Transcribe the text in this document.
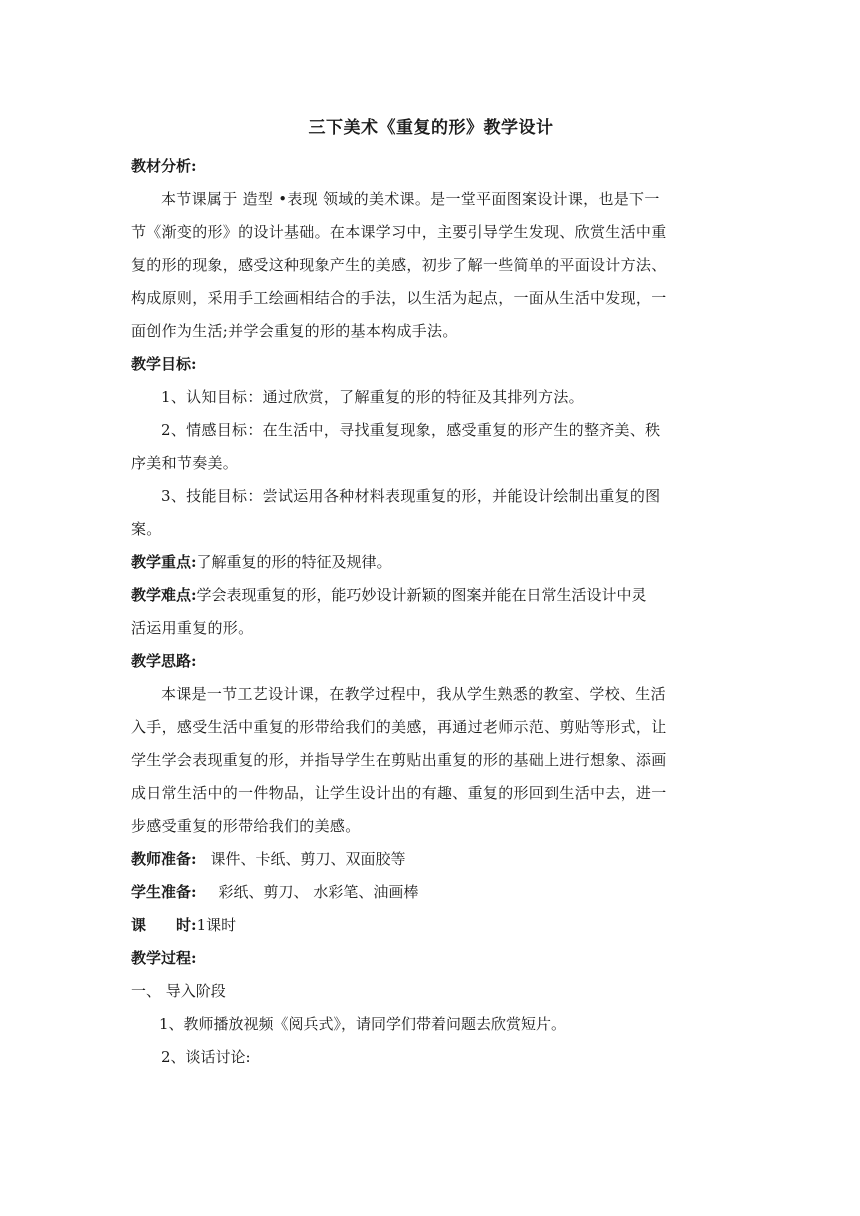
三下美术《重复的形》教学设计
教材分析:
本节课属于 造型 •表现 领域的美术课。是一堂平面图案设计课，也是下一
节《渐变的形》的设计基础。在本课学习中，主要引导学生发现、欣赏生活中重
复的形的现象，感受这种现象产生的美感，初步了解一些简单的平面设计方法、
构成原则，采用手工绘画相结合的手法，以生活为起点，一面从生活中发现，一
面创作为生活;并学会重复的形的基本构成手法。
教学目标:
1、认知目标：通过欣赏，了解重复的形的特征及其排列方法。
2、情感目标：在生活中，寻找重复现象，感受重复的形产生的整齐美、秩
序美和节奏美。
3、技能目标：尝试运用各种材料表现重复的形，并能设计绘制出重复的图
案。
教学重点:了解重复的形的特征及规律。
教学难点:学会表现重复的形，能巧妙设计新颖的图案并能在日常生活设计中灵
活运用重复的形。
教学思路:
本课是一节工艺设计课，在教学过程中，我从学生熟悉的教室、学校、生活
入手，感受生活中重复的形带给我们的美感，再通过老师示范、剪贴等形式，让
学生学会表现重复的形，并指导学生在剪贴出重复的形的基础上进行想象、添画
成日常生活中的一件物品，让学生设计出的有趣、重复的形回到生活中去，进一
步感受重复的形带给我们的美感。
教师准备: 课件、卡纸、剪刀、双面胶等
学生准备: 彩纸、剪刀、 水彩笔、油画棒
课 时:1课时
教学过程:
一、 导入阶段
1、教师播放视频《阅兵式》，请同学们带着问题去欣赏短片。
2、谈话讨论:
